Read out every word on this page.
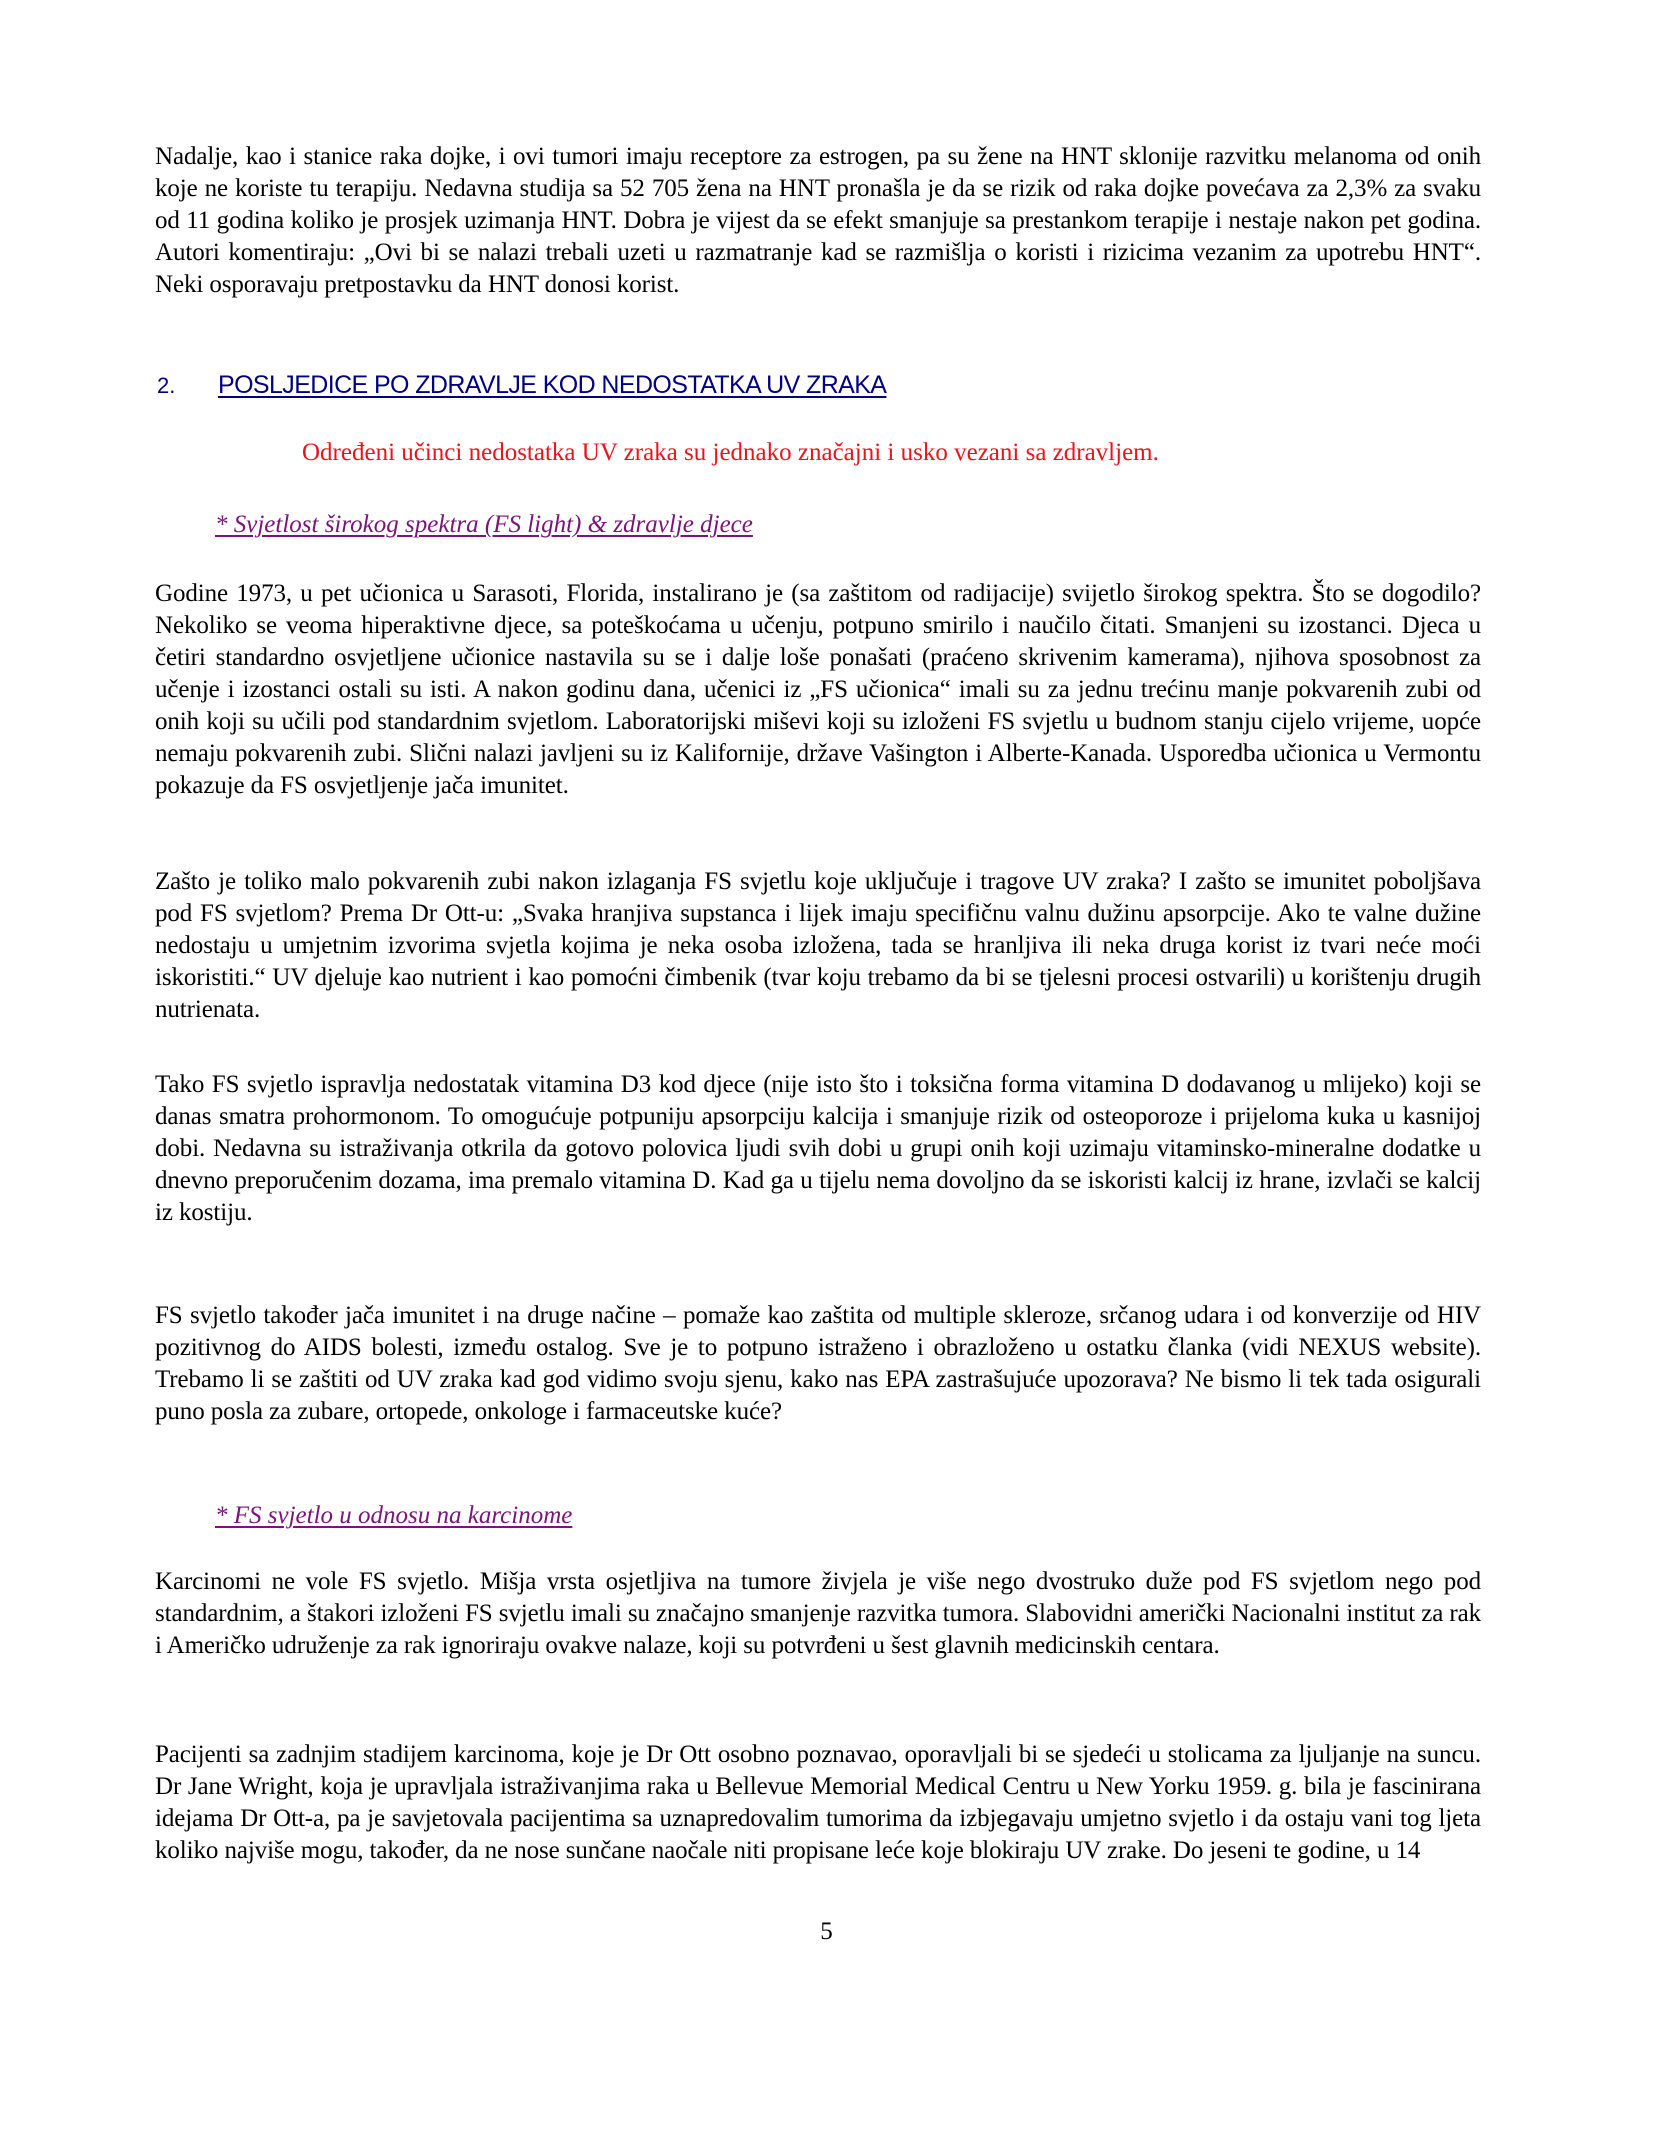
Nadalje, kao i stanice raka dojke, i ovi tumori imaju receptore za estrogen, pa su žene na HNT sklonije razvitku melanoma od onih koje ne koriste tu terapiju. Nedavna studija sa 52 705 žena na HNT pronašla je da se rizik od raka dojke povećava za 2,3% za svaku od 11 godina koliko je prosjek uzimanja HNT. Dobra je vijest da se efekt smanjuje sa prestankom terapije i nestaje nakon pet godina. Autori komentiraju: „Ovi bi se nalazi trebali uzeti u razmatranje kad se razmišlja o koristi i rizicima vezanim za upotrebu HNT“. Neki osporavaju pretpostavku da HNT donosi korist.

2. POSLJEDICE PO ZDRAVLJE KOD NEDOSTATKA UV ZRAKA
Određeni učinci nedostatka UV zraka su jednako značajni i usko vezani sa zdravljem.
* Svjetlost širokog spektra (FS light) & zdravlje djece

Godine 1973, u pet učionica u Sarasoti, Florida, instalirano je (sa zaštitom od radijacije) svijetlo širokog spektra. Što se dogodilo? Nekoliko se veoma hiperaktivne djece, sa poteškoćama u učenju, potpuno smirilo i naučilo čitati. Smanjeni su izostanci. Djeca u četiri standardno osvjetljene učionice nastavila su se i dalje loše ponašati (praćeno skrivenim kamerama), njihova sposobnost za učenje i izostanci ostali su isti. A nakon godinu dana, učenici iz „FS učionica“ imali su za jednu trećinu manje pokvarenih zubi od onih koji su učili pod standardnim svjetlom. Laboratorijski miševi koji su izloženi FS svjetlu u budnom stanju cijelo vrijeme, uopće nemaju pokvarenih zubi. Slični nalazi javljeni su iz Kalifornije, države Vašington i Alberte-Kanada. Usporedba učionica u Vermontu pokazuje da FS osvjetljenje jača imunitet.

Zašto je toliko malo pokvarenih zubi nakon izlaganja FS svjetlu koje uključuje i tragove UV zraka? I zašto se imunitet poboljšava pod FS svjetlom? Prema Dr Ott-u: „Svaka hranjiva supstanca i lijek imaju specifičnu valnu dužinu apsorpcije. Ako te valne dužine nedostaju u umjetnim izvorima svjetla kojima je neka osoba izložena, tada se hranljiva ili neka druga korist iz tvari neće moći iskoristiti.“ UV djeluje kao nutrient i kao pomoćni čimbenik (tvar koju trebamo da bi se tjelesni procesi ostvarili) u korištenju drugih nutrienata.

Tako FS svjetlo ispravlja nedostatak vitamina D3 kod djece (nije isto što i toksična forma vitamina D dodavanog u mlijeko) koji se danas smatra prohormonom. To omogućuje potpuniju apsorpciju kalcija i smanjuje rizik od osteoporoze i prijeloma kuka u kasnijoj dobi. Nedavna su istraživanja otkrila da gotovo polovica ljudi svih dobi u grupi onih koji uzimaju vitaminsko-mineralne dodatke u dnevno preporučenim dozama, ima premalo vitamina D. Kad ga u tijelu nema dovoljno da se iskoristi kalcij iz hrane, izvlači se kalcij iz kostiju.

FS svjetlo također jača imunitet i na druge načine – pomaže kao zaštita od multiple skleroze, srčanog udara i od konverzije od HIV pozitivnog do AIDS bolesti, između ostalog. Sve je to potpuno istraženo i obrazloženo u ostatku članka (vidi NEXUS website). Trebamo li se zaštiti od UV zraka kad god vidimo svoju sjenu, kako nas EPA zastrašujuće upozorava? Ne bismo li tek tada osigurali puno posla za zubare, ortopede, onkologe i farmaceutske kuće?

* FS svjetlo u odnosu na karcinome

Karcinomi ne vole FS svjetlo. Mišja vrsta osjetljiva na tumore živjela je više nego dvostruko duže pod FS svjetlom nego pod standardnim, a štakori izloženi FS svjetlu imali su značajno smanjenje razvitka tumora. Slabovidni američki Nacionalni institut za rak i Američko udruženje za rak ignoriraju ovakve nalaze, koji su potvrđeni u šest glavnih medicinskih centara.

Pacijenti sa zadnjim stadijem karcinoma, koje je Dr Ott osobno poznavao, oporavljali bi se sjedeći u stolicama za ljuljanje na suncu. Dr Jane Wright, koja je upravljala istraživanjima raka u Bellevue Memorial Medical Centru u New Yorku 1959. g. bila je fascinirana idejama Dr Ott-a, pa je savjetovala pacijentima sa uznapredovalim tumorima da izbjegavaju umjetno svjetlo i da ostaju vani tog ljeta koliko najviše mogu, također, da ne nose sunčane naočale niti propisane leće koje blokiraju UV zrake. Do jeseni te godine, u 14

5
